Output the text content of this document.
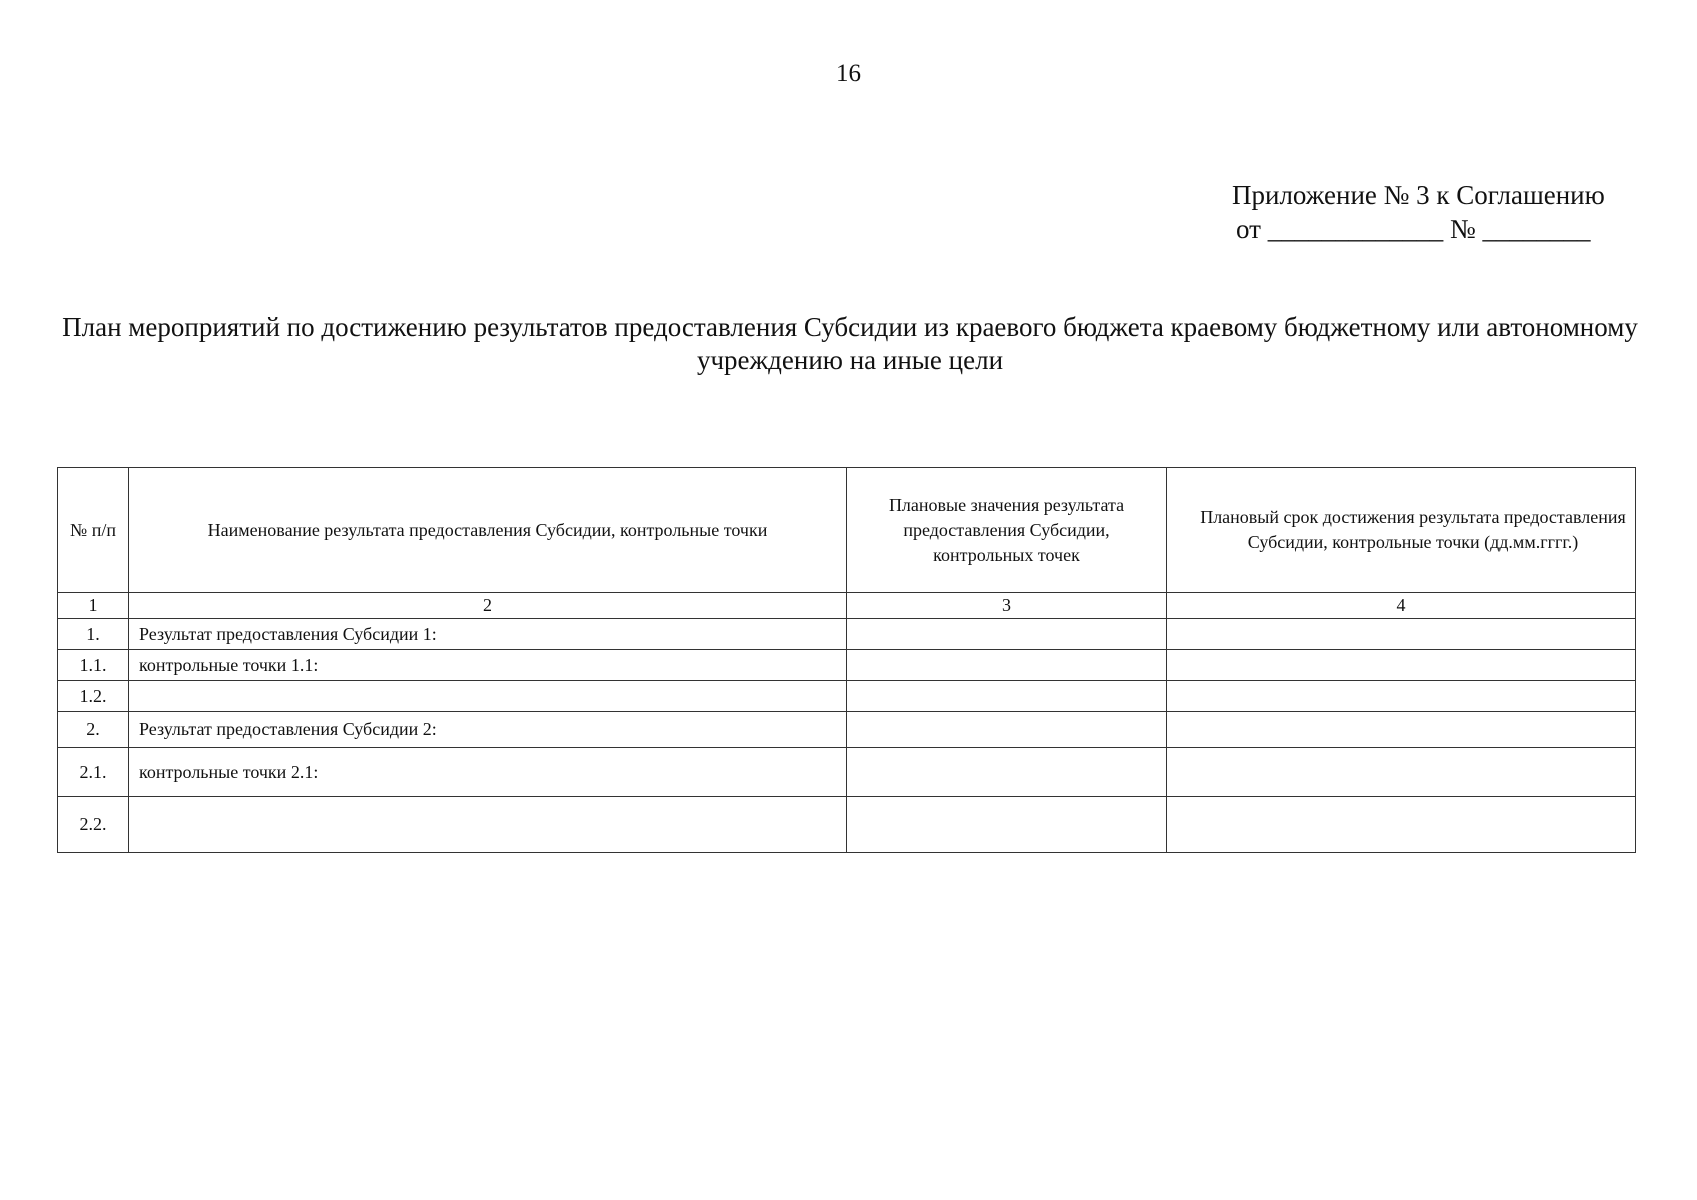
16
Приложение № 3 к Соглашению
от _____________ № ________
План мероприятий по достижению результатов предоставления Субсидии из краевого бюджета краевому бюджетному или автономному учреждению на иные цели
№ п/п	Наименование результата предоставления Субсидии, контрольные точки	Плановые значения результата предоставления Субсидии, контрольных точек	Плановый срок достижения результата предоставления Субсидии, контрольные точки (дд.мм.гггг.)
1	2	3	4
1.	Результат предоставления Субсидии 1:		
1.1.	контрольные точки 1.1:		
1.2.			
2.	Результат предоставления Субсидии 2:		
2.1.	контрольные точки 2.1:		
2.2.			
